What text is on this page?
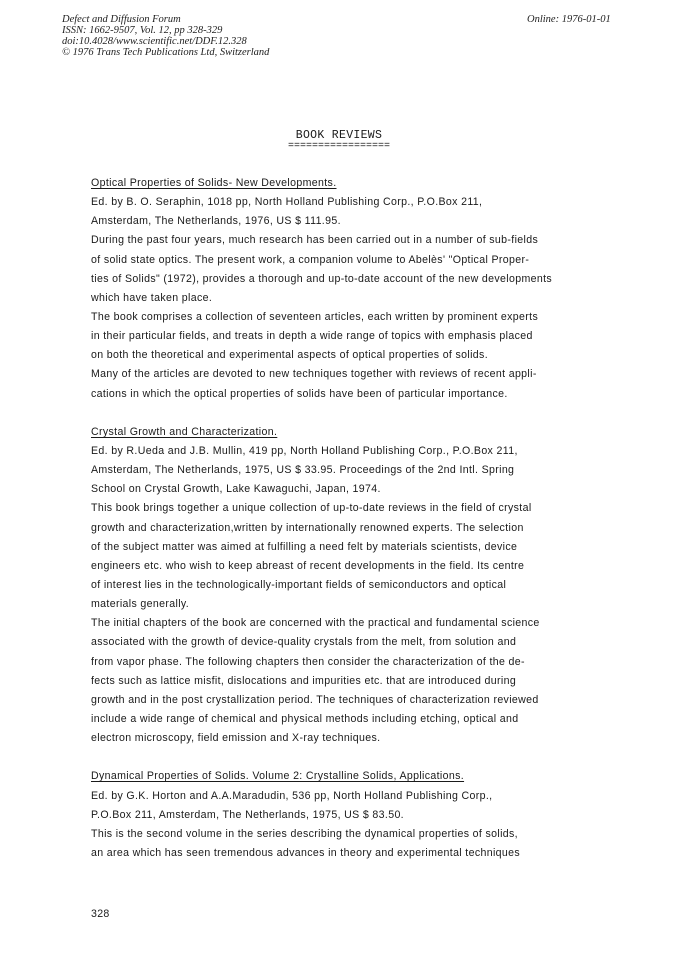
Defect and Diffusion Forum
ISSN: 1662-9507, Vol. 12, pp 328-329
doi:10.4028/www.scientific.net/DDF.12.328
© 1976 Trans Tech Publications Ltd, Switzerland
Online: 1976-01-01
BOOK REVIEWS
=================
Optical Properties of Solids- New Developments.
Ed. by B. O. Seraphin, 1018 pp, North Holland Publishing Corp., P.O.Box 211,
Amsterdam, The Netherlands, 1976, US $ 111.95.
During the past four years, much research has been carried out in a number of sub-fields
of solid state optics. The present work, a companion volume to Abelès' "Optical Proper-
ties of Solids" (1972), provides a thorough and up-to-date account of the new developments
which have taken place.
The book comprises a collection of seventeen articles, each written by prominent experts
in their particular fields, and treats in depth a wide range of topics with emphasis placed
on both the theoretical and experimental aspects of optical properties of solids.
Many of the articles are devoted to new techniques together with reviews of recent appli-
cations in which the optical properties of solids have been of particular importance.
Crystal Growth and Characterization.
Ed. by R.Ueda and J.B. Mullin, 419 pp, North Holland Publishing Corp., P.O.Box 211,
Amsterdam, The Netherlands, 1975, US $ 33.95. Proceedings of the 2nd Intl. Spring
School on Crystal Growth, Lake Kawaguchi, Japan, 1974.
This book brings together a unique collection of up-to-date reviews in the field of crystal
growth and characterization,written by internationally renowned experts. The selection
of the subject matter was aimed at fulfilling a need felt by materials scientists, device
engineers etc. who wish to keep abreast of recent developments in the field. Its centre
of interest lies in the technologically-important fields of semiconductors and optical
materials generally.
The initial chapters of the book are concerned with the practical and fundamental science
associated with the growth of device-quality crystals from the melt, from solution and
from vapor phase. The following chapters then consider the characterization of the de-
fects such as lattice misfit, dislocations and impurities etc. that are introduced during
growth and in the post crystallization period. The techniques of characterization reviewed
include a wide range of chemical and physical methods including etching, optical and
electron microscopy, field emission and X-ray techniques.
Dynamical Properties of Solids. Volume 2: Crystalline Solids, Applications.
Ed. by G.K. Horton and A.A.Maradudin, 536 pp, North Holland Publishing Corp.,
P.O.Box 211, Amsterdam, The Netherlands, 1975, US $ 83.50.
This is the second volume in the series describing the dynamical properties of solids,
an area which has seen tremendous advances in theory and experimental techniques
328
